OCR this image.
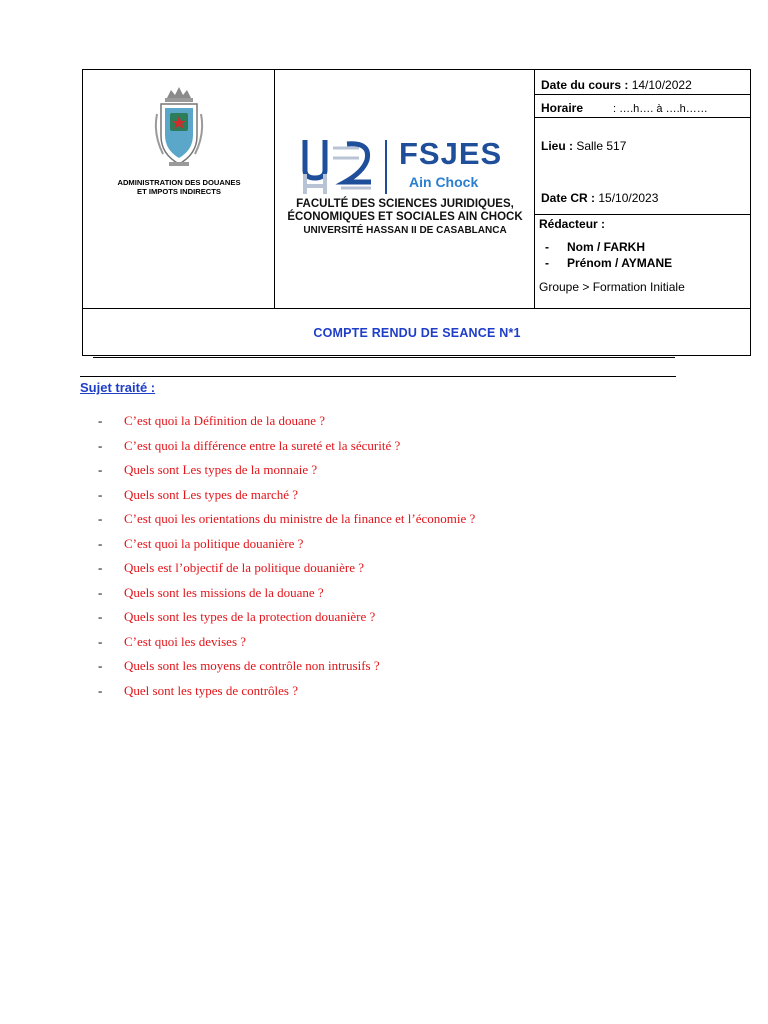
ADMINISTRATION DES DOUANES
ET IMPOTS INDIRECTS
FSJES
Ain Chock
FACULTÉ DES SCIENCES JURIDIQUES,
ÉCONOMIQUES ET SOCIALES AIN CHOCK
UNIVERSITÉ HASSAN II DE CASABLANCA
Date du cours : 14/10/2022
Horaire	: ….h…. à ….h……
Lieu : Salle 517
Date CR : 15/10/2023
Rédacteur :
- Nom / FARKH
- Prénom / AYMANE
Groupe > Formation Initiale
COMPTE RENDU DE SEANCE N*1
Sujet traité :
- C’est quoi la Définition de la douane ?
- C’est quoi la différence entre la sureté et la sécurité ?
- Quels sont Les types de la monnaie ?
- Quels sont Les types de marché ?
- C’est quoi les orientations du ministre de la finance et l’économie ?
- C’est quoi la politique douanière ?
- Quels est l’objectif de la politique douanière ?
- Quels sont les missions de la douane ?
- Quels sont les types de la protection douanière ?
- C’est quoi les devises ?
- Quels sont les moyens de contrôle non intrusifs ?
- Quel sont les types de contrôles ?
